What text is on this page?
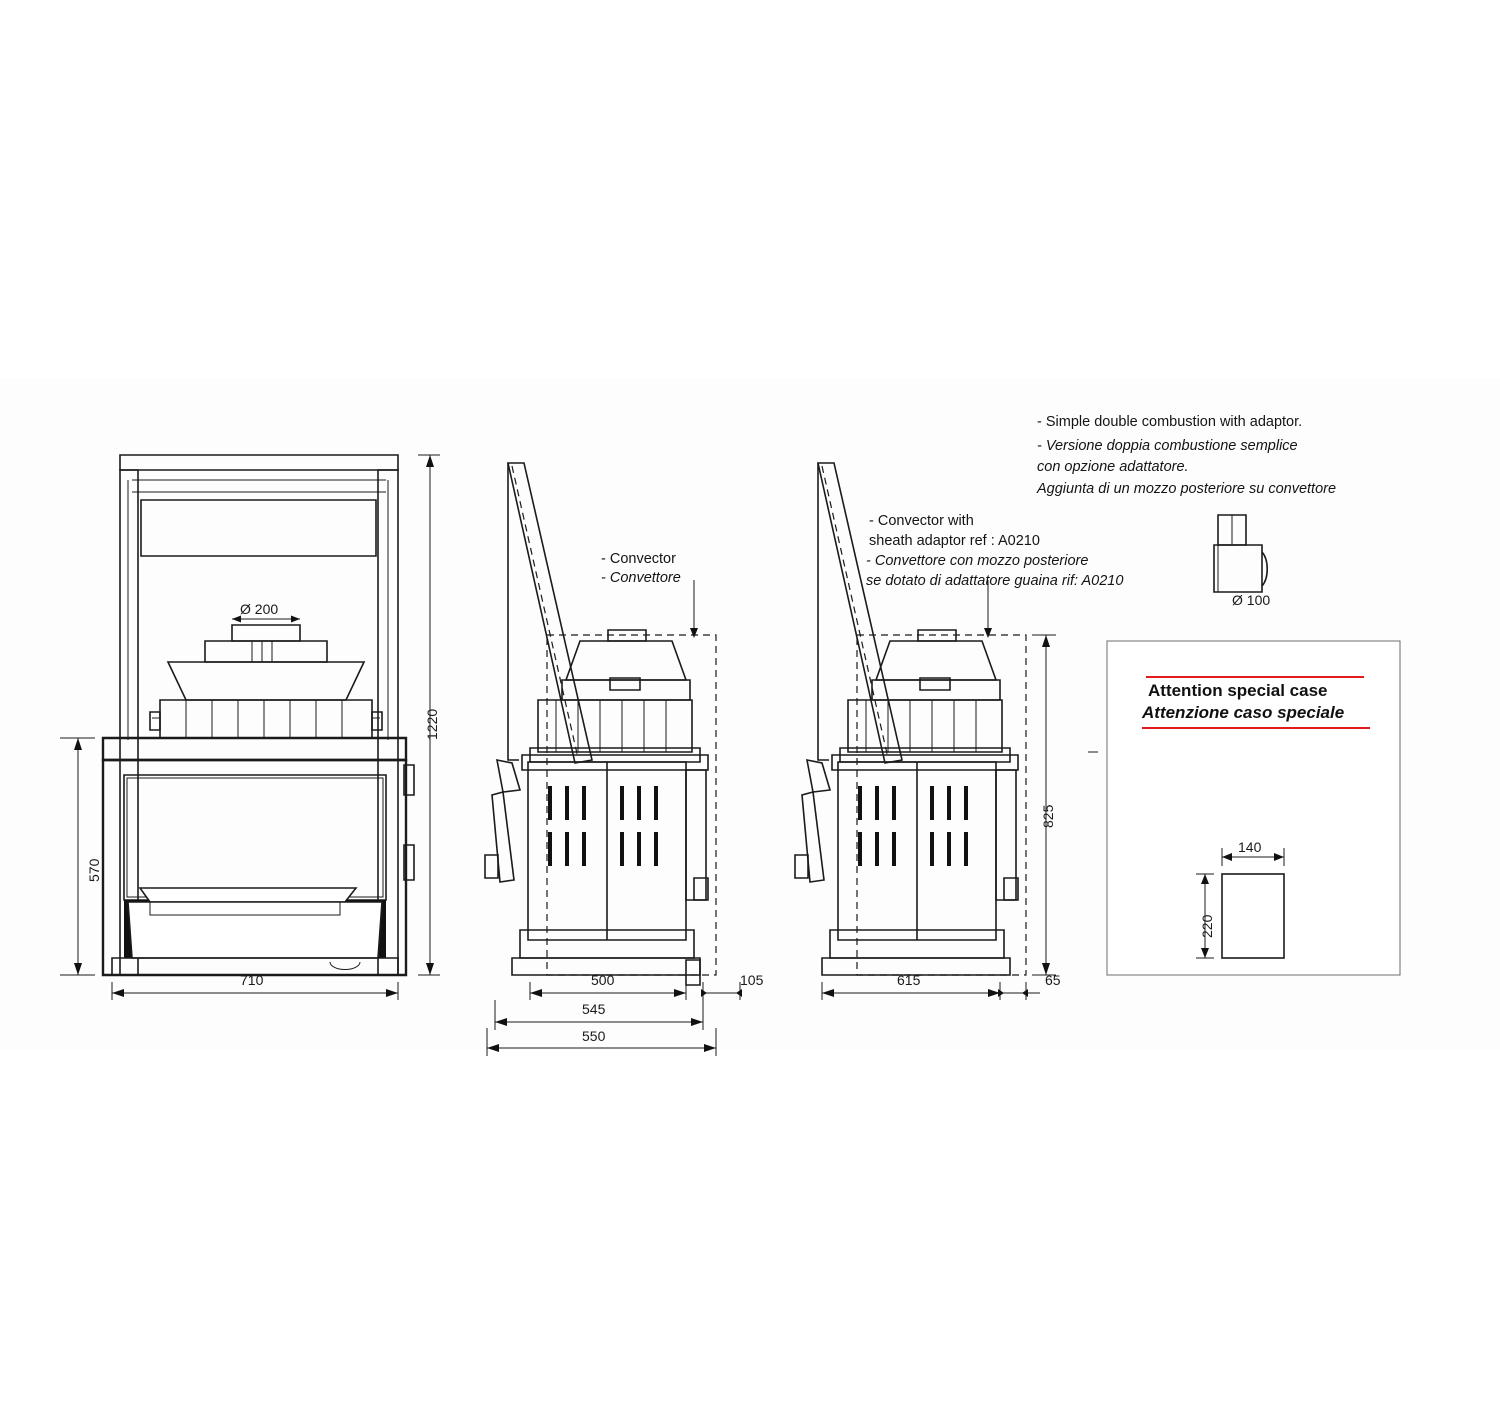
Ø 200
1220
570
710
- Convector
- Convettore
500
545
550
105
- Convector with
sheath adaptor ref : A0210
- Convettore con mozzo posteriore
se dotato di adattatore guaina rif: A0210
825
615	65
- Simple double combustion with adaptor.
- Versione doppia combustione semplice
con opzione adattatore.
Aggiunta di un mozzo posteriore su convettore
Ø 100
Attention special case
Attenzione caso speciale
140
220
